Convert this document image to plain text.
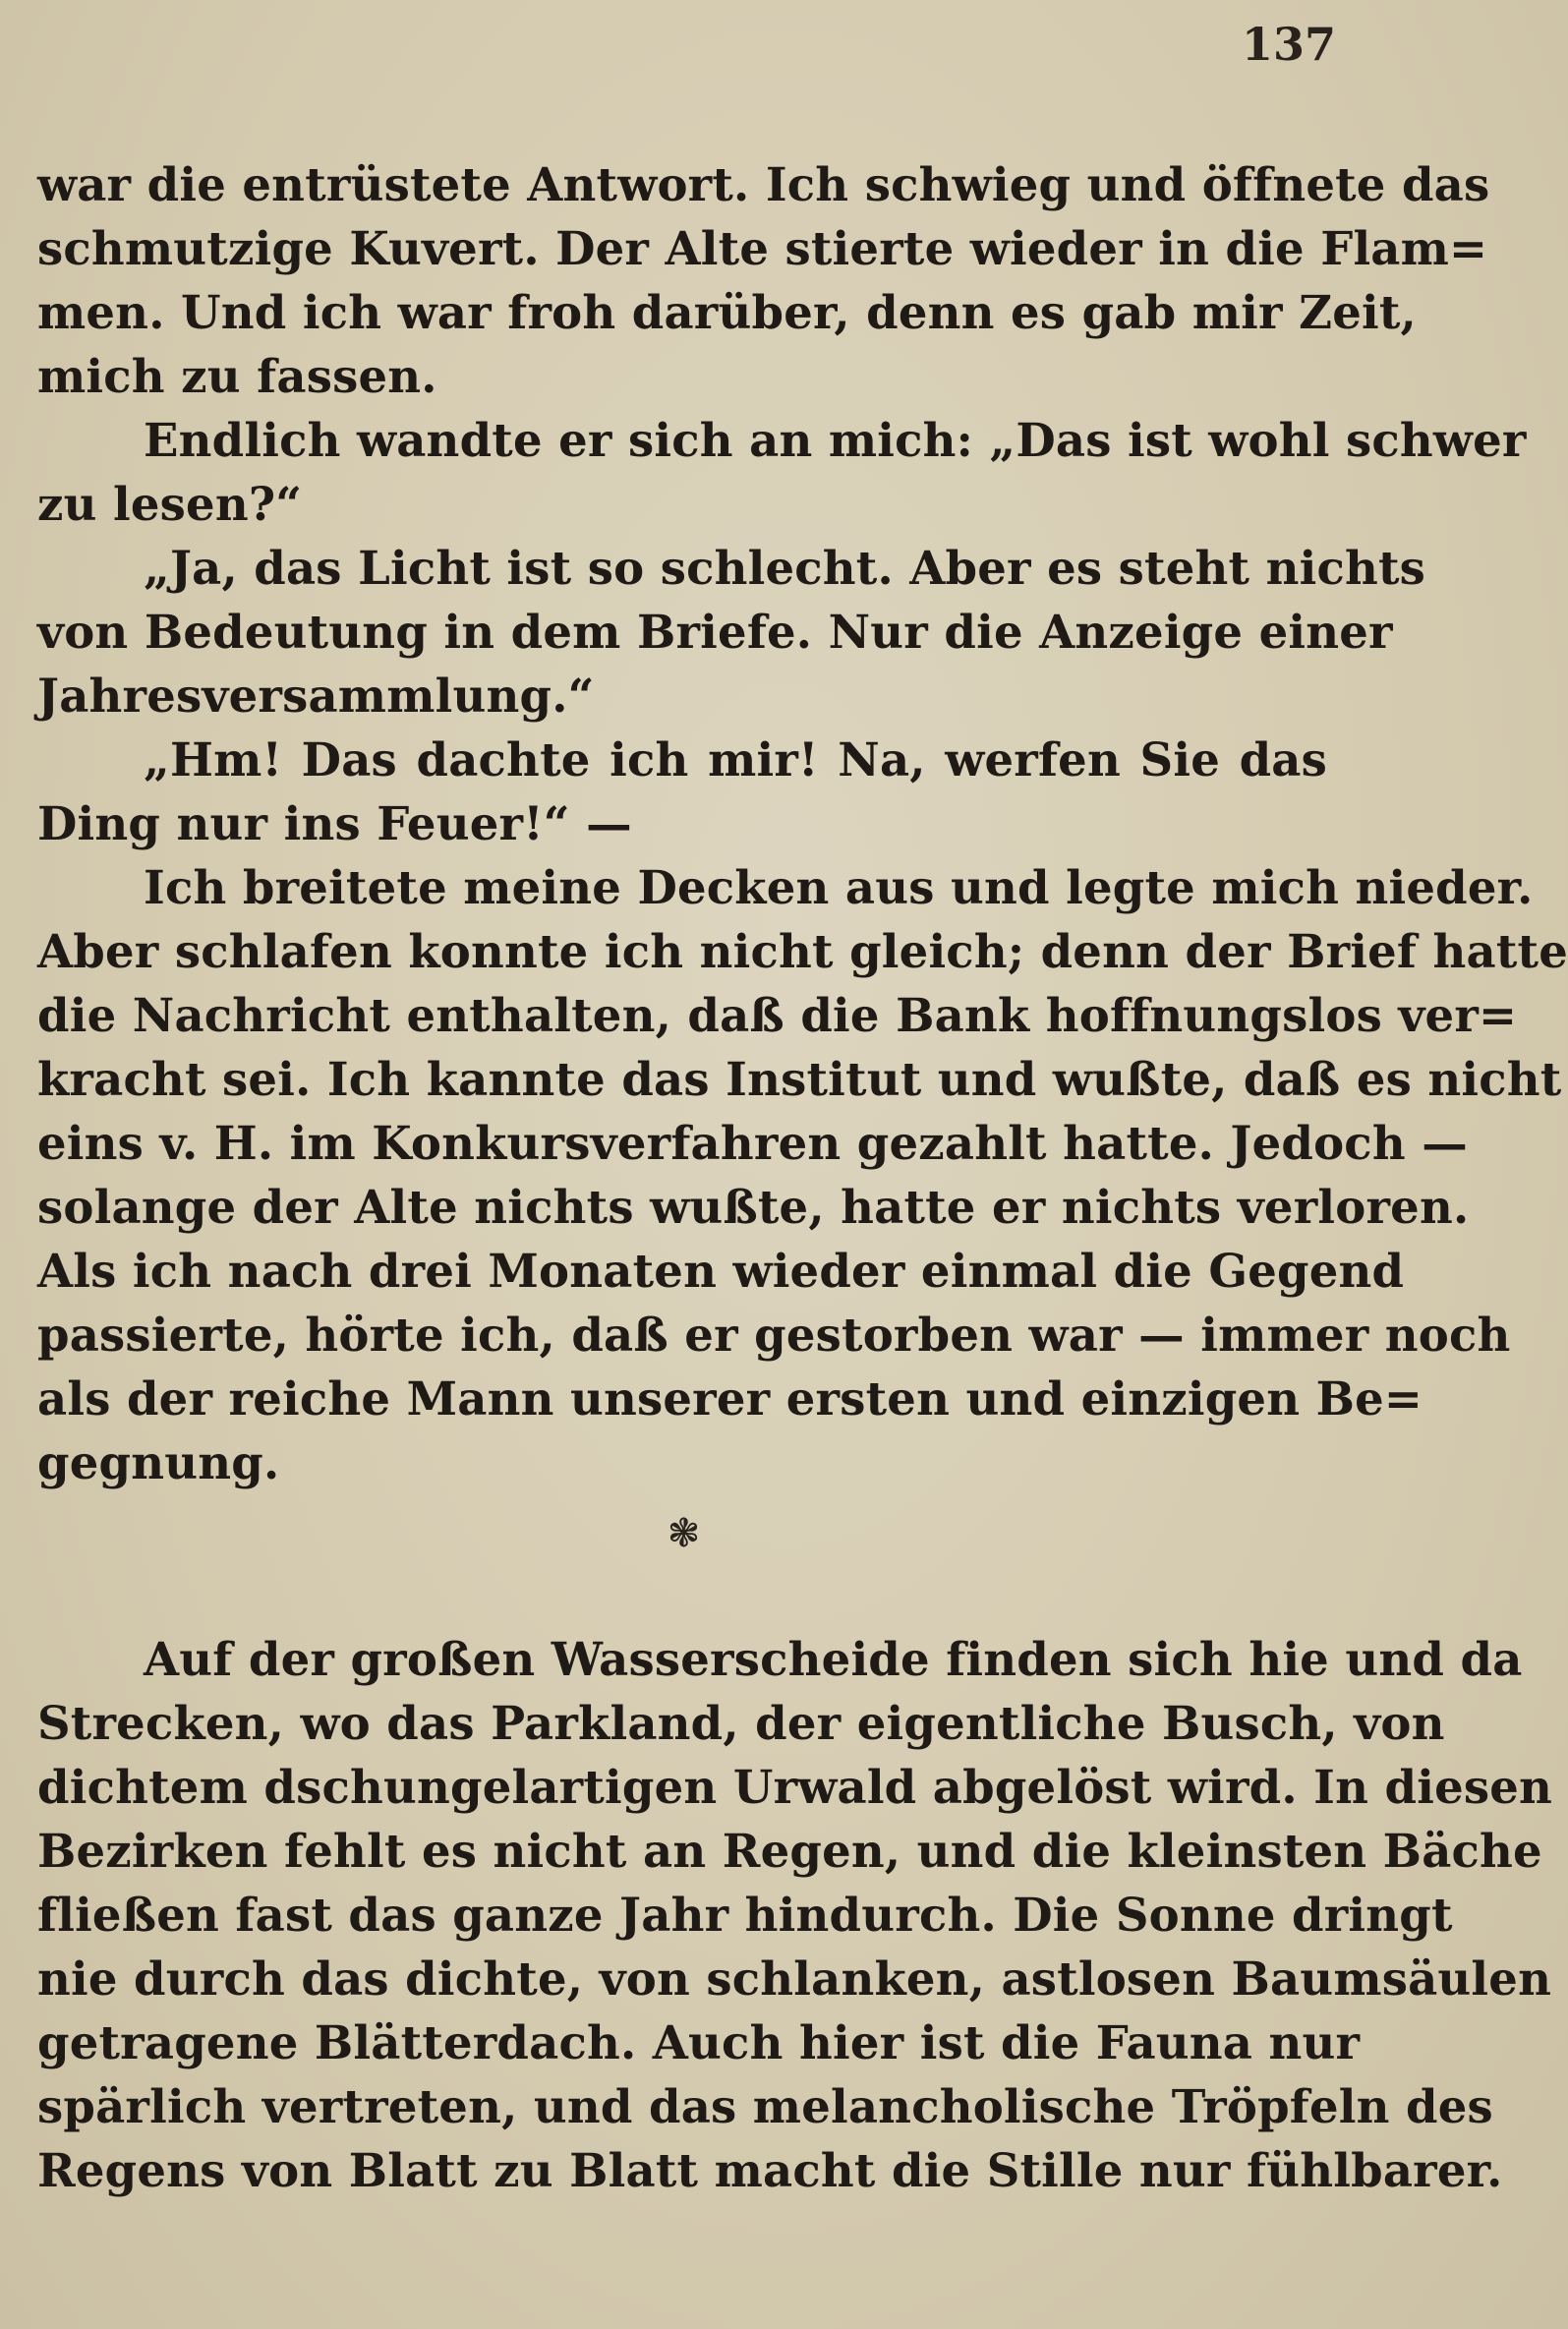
137
war die entrüstete Antwort. Ich schwieg und öffnete das
schmutzige Kuvert. Der Alte stierte wieder in die Flam=
men. Und ich war froh darüber, denn es gab mir Zeit,
mich zu fassen.
Endlich wandte er sich an mich: „Das ist wohl schwer
zu lesen?“
„Ja, das Licht ist so schlecht. Aber es steht nichts
von Bedeutung in dem Briefe. Nur die Anzeige einer
Jahresversammlung.“
„Hm! Das dachte ich mir! Na, werfen Sie das
Ding nur ins Feuer!“ —
Ich breitete meine Decken aus und legte mich nieder.
Aber schlafen konnte ich nicht gleich; denn der Brief hatte
die Nachricht enthalten, daß die Bank hoffnungslos ver=
kracht sei. Ich kannte das Institut und wußte, daß es nicht
eins v. H. im Konkursverfahren gezahlt hatte. Jedoch —
solange der Alte nichts wußte, hatte er nichts verloren.
Als ich nach drei Monaten wieder einmal die Gegend
passierte, hörte ich, daß er gestorben war — immer noch
als der reiche Mann unserer ersten und einzigen Be=
gegnung.
❃
Auf der großen Wasserscheide finden sich hie und da
Strecken, wo das Parkland, der eigentliche Busch, von
dichtem dschungelartigen Urwald abgelöst wird. In diesen
Bezirken fehlt es nicht an Regen, und die kleinsten Bäche
fließen fast das ganze Jahr hindurch. Die Sonne dringt
nie durch das dichte, von schlanken, astlosen Baumsäulen
getragene Blätterdach. Auch hier ist die Fauna nur
spärlich vertreten, und das melancholische Tröpfeln des
Regens von Blatt zu Blatt macht die Stille nur fühlbarer.
